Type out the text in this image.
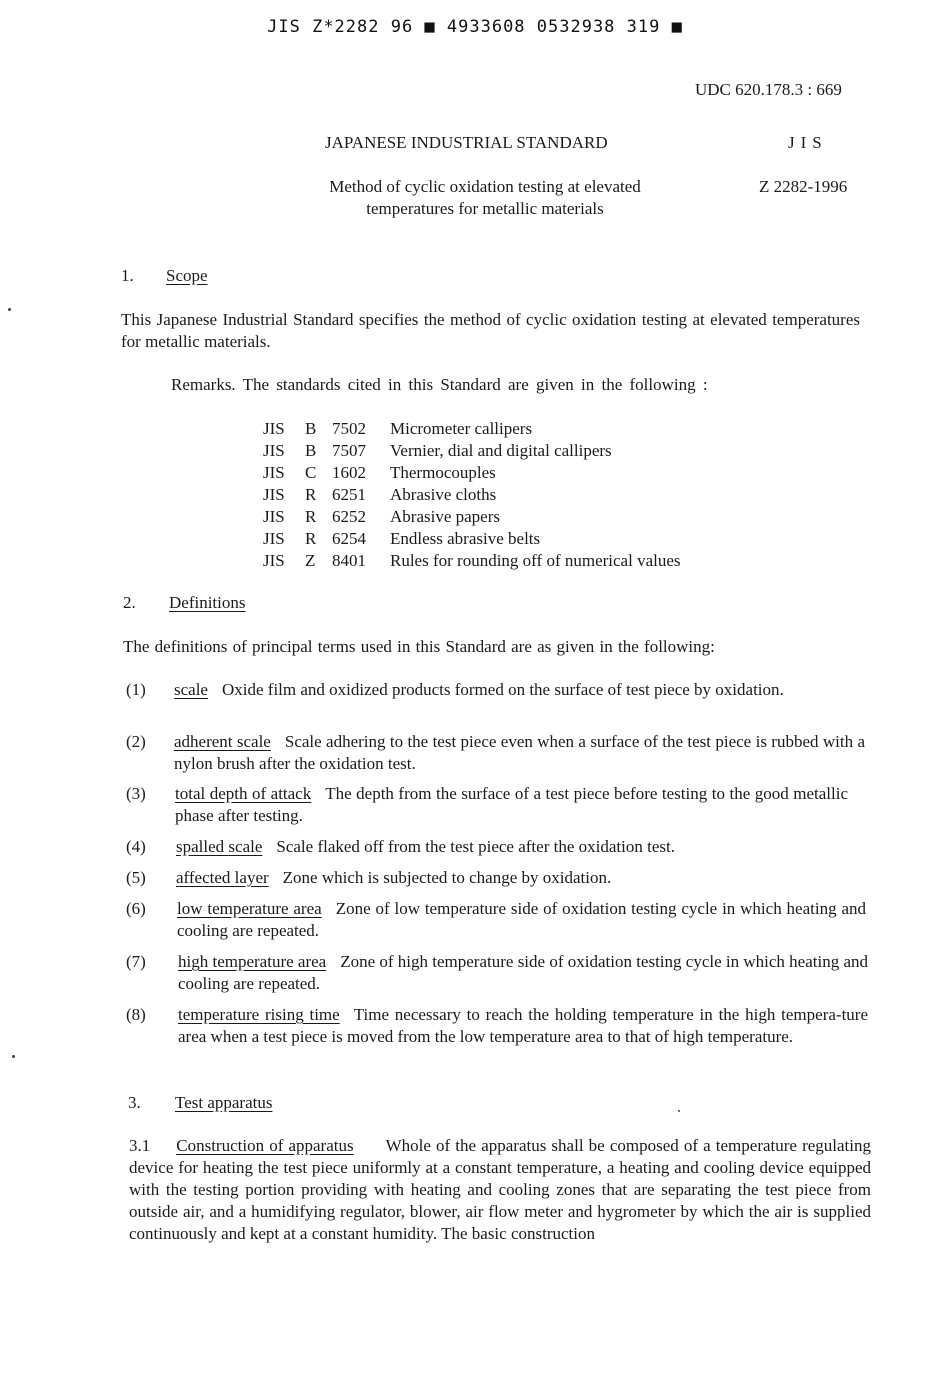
JIS Z*2282 96 ■ 4933608 0532938 319 ■
UDC 620.178.3 : 669
JAPANESE INDUSTRIAL STANDARD	JIS
Method of cyclic oxidation testing at elevated
temperatures for metallic materials
Z 2282-1996
1.	Scope
This Japanese Industrial Standard specifies the method of cyclic oxidation testing at elevated temperatures for metallic materials.
Remarks. The standards cited in this Standard are given in the following :
JIS	B	7502	Micrometer callipers
JIS	B	7507	Vernier, dial and digital callipers
JIS	C	1602	Thermocouples
JIS	R	6251	Abrasive cloths
JIS	R	6252	Abrasive papers
JIS	R	6254	Endless abrasive belts
JIS	Z	8401	Rules for rounding off of numerical values
2.	Definitions
The definitions of principal terms used in this Standard are as given in the following:
(1)	scale Oxide film and oxidized products formed on the surface of test piece by oxidation.
(2)	adherent scale Scale adhering to the test piece even when a surface of the test piece is rubbed with a nylon brush after the oxidation test.
(3)	total depth of attack The depth from the surface of a test piece before testing to the good metallic phase after testing.
(4)	spalled scale Scale flaked off from the test piece after the oxidation test.
(5)	affected layer Zone which is subjected to change by oxidation.
(6)	low temperature area Zone of low temperature side of oxidation testing cycle in which heating and cooling are repeated.
(7)	high temperature area Zone of high temperature side of oxidation testing cycle in which heating and cooling are repeated.
(8)	temperature rising time Time necessary to reach the holding temperature in the high tempera-ture area when a test piece is moved from the low temperature area to that of high temperature.
3.	Test apparatus
3.1 Construction of apparatus Whole of the apparatus shall be composed of a temperature regulating device for heating the test piece uniformly at a constant temperature, a heating and cooling device equipped with the testing portion providing with heating and cooling zones that are separating the test piece from outside air, and a humidifying regulator, blower, air flow meter and hygrometer by which the air is supplied continuously and kept at a constant humidity. The basic construction
